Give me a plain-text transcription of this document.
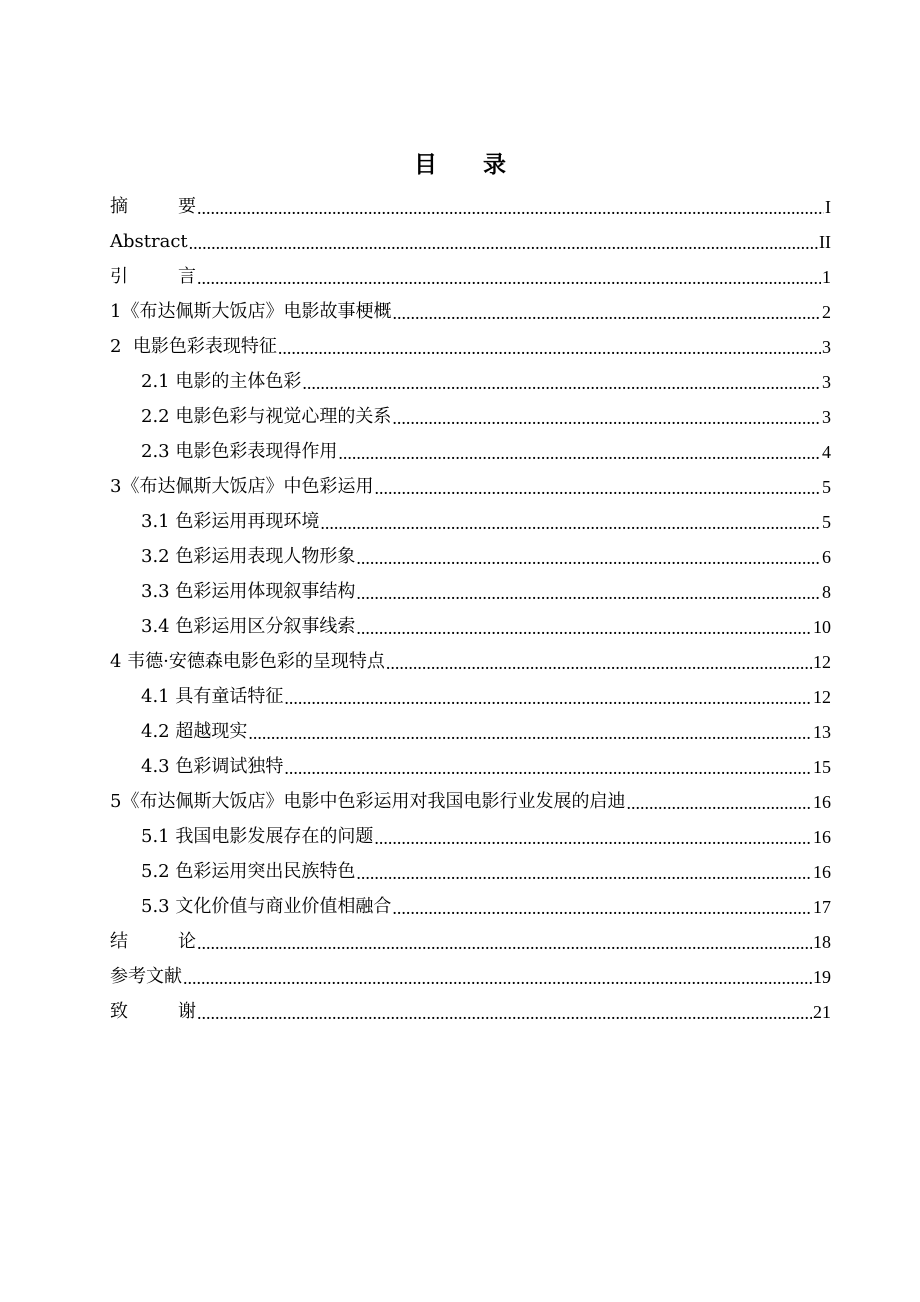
目　　录
摘	要 .....	I
Abstract .....	II
引	言 .....	1
1《布达佩斯大饭店》电影故事梗概 .....	2
2  电影色彩表现特征 .....	3
2.1 电影的主体色彩 .....	3
2.2 电影色彩与视觉心理的关系 .....	3
2.3 电影色彩表现得作用 .....	4
3《布达佩斯大饭店》中色彩运用 .....	5
3.1 色彩运用再现环境 .....	5
3.2 色彩运用表现人物形象 .....	6
3.3 色彩运用体现叙事结构 .....	8
3.4 色彩运用区分叙事线索 .....	10
4 韦德·安德森电影色彩的呈现特点 .....	12
4.1 具有童话特征 .....	12
4.2 超越现实 .....	13
4.3 色彩调试独特 .....	15
5《布达佩斯大饭店》电影中色彩运用对我国电影行业发展的启迪 .....	16
5.1 我国电影发展存在的问题 .....	16
5.2 色彩运用突出民族特色 .....	16
5.3 文化价值与商业价值相融合 .....	17
结	论 .....	18
参考文献 .....	19
致	谢 .....	21
